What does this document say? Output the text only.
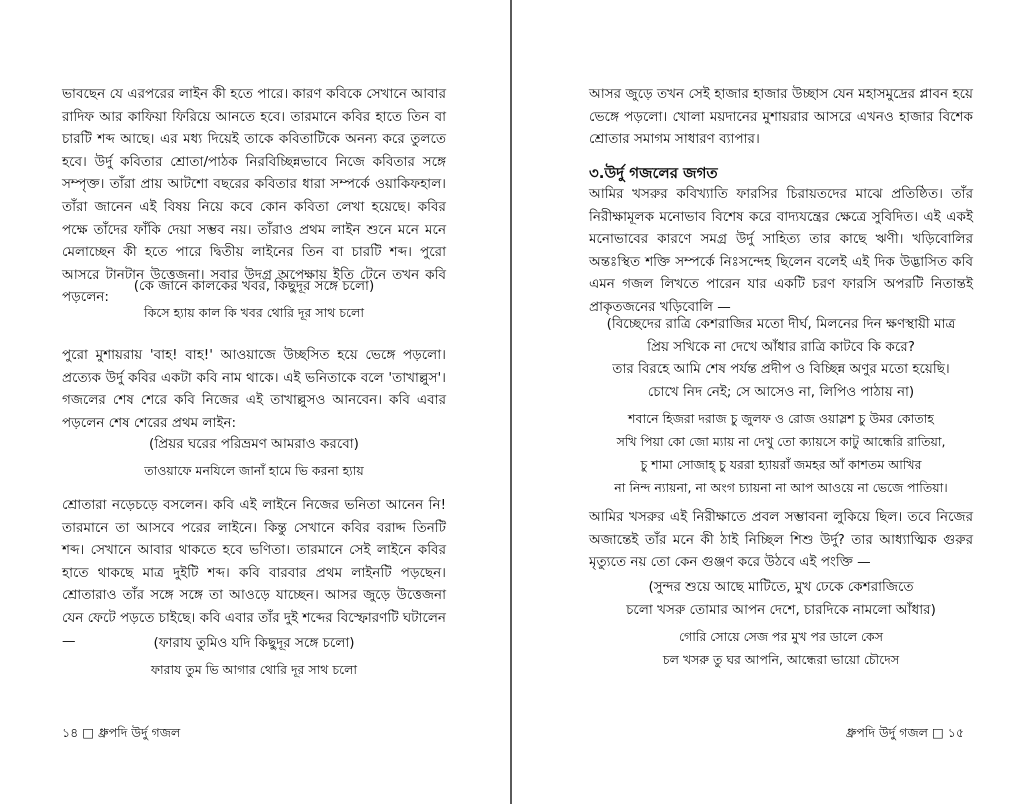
ভাবছেন যে এরপরের লাইন কী হতে পারে। কারণ কবিকে সেখানে আবার রাদিফ আর কাফিয়া ফিরিয়ে আনতে হবে। তারমানে কবির হাতে তিন বা চারটি শব্দ আছে। এর মধ্য দিয়েই তাকে কবিতাটিকে অনন্য করে তুলতে হবে। উর্দু কবিতার শ্রোতা/পাঠক নিরবিচ্ছিন্নভাবে নিজে কবিতার সঙ্গে সম্পৃক্ত। তাঁরা প্রায় আটশো বছরের কবিতার ধারা সম্পর্কে ওয়াকিফহাল। তাঁরা জানেন এই বিষয় নিয়ে কবে কোন কবিতা লেখা হয়েছে। কবির পক্ষে তাঁদের ফাঁকি দেয়া সম্ভব নয়। তাঁরাও প্রথম লাইন শুনে মনে মনে মেলাচ্ছেন কী হতে পারে দ্বিতীয় লাইনের তিন বা চারটি শব্দ। পুরো আসরে টানটান উত্তেজনা। সবার উদগ্র অপেক্ষায় ইতি টেনে তখন কবি পড়লেন:

(কে জানে কালকের খবর, কিছুদূর সঙ্গে চলো)
কিসে হ্যায় কাল কি খবর থোরি দূর সাথ চলো

পুরো মুশায়রায় 'বাহ! বাহ!' আওয়াজে উচ্ছসিত হয়ে ভেঙ্গে পড়লো। প্রত্যেক উর্দু কবির একটা কবি নাম থাকে। এই ভনিতাকে বলে 'তাখাল্লুস'। গজলের শেষ শেরে কবি নিজের এই তাখাল্লুসও আনবেন। কবি এবার পড়লেন শেষ শেরের প্রথম লাইন:

(প্রিয়র ঘরের পরিভ্রমণ আমরাও করবো)
তাওয়াফে মনযিলে জানাঁ হামে ভি করনা হ্যায়

শ্রোতারা নড়েচড়ে বসলেন। কবি এই লাইনে নিজের ভনিতা আনেন নি! তারমানে তা আসবে পরের লাইনে। কিন্তু সেখানে কবির বরাদ্দ তিনটি শব্দ। সেখানে আবার থাকতে হবে ভণিতা। তারমানে সেই লাইনে কবির হাতে থাকছে মাত্র দুইটি শব্দ। কবি বারবার প্রথম লাইনটি পড়ছেন। শ্রোতারাও তাঁর সঙ্গে সঙ্গে তা আওড়ে যাচ্ছেন। আসর জুড়ে উত্তেজনা যেন ফেটে পড়তে চাইছে। কবি এবার তাঁর দুই শব্দের বিস্ফোরণটি ঘটালেন —	(ফারায তুমিও যদি কিছুদূর সঙ্গে চলো)
ফারায তুম ভি আগার থোরি দূর সাথ চলো
১৪ □ ধ্রুপদি উর্দু গজল

আসর জুড়ে তখন সেই হাজার হাজার উচ্ছাস যেন মহাসমুদ্রের প্লাবন হয়ে ভেঙ্গে পড়লো। খোলা ময়দানের মুশায়রার আসরে এখনও হাজার বিশেক শ্রোতার সমাগম সাধারণ ব্যাপার।

৩.উর্দু গজলের জগত

আমির খসরুর কবিখ্যাতি ফারসির চিরায়তদের মাঝে প্রতিষ্ঠিত। তাঁর নিরীক্ষামূলক মনোভাব বিশেষ করে বাদ্যযন্ত্রের ক্ষেত্রে সুবিদিত। এই একই মনোভাবের কারণে সমগ্র উর্দু সাহিত্য তার কাছে ঋণী। খড়িবোলির অন্তঃস্থিত শক্তি সম্পর্কে নিঃসন্দেহ ছিলেন বলেই এই দিক উদ্ভাসিত কবি এমন গজল লিখতে পারেন যার একটি চরণ ফারসি অপরটি নিতান্তই প্রাকৃতজনের খড়িবোলি —

(বিচ্ছেদের রাত্রি কেশরাজির মতো দীর্ঘ, মিলনের দিন ক্ষণস্থায়ী মাত্র
প্রিয় সখিকে না দেখে আঁধার রাত্রি কাটবে কি করে?
তার বিরহে আমি শেষ পর্যন্ত প্রদীপ ও বিচ্ছিন্ন অণুর মতো হয়েছি।
চোখে নিদ নেই; সে আসেও না, লিপিও পাঠায় না)
শবানে হিজরা দরাজ চু জুলফ ও রোজ ওয়াস্লশ চু উমর কোতাহ
সখি পিয়া কো জো ম্যায় না দেখু তো ক্যায়সে কাটু আন্ধেরি রাতিয়া,
চু শামা সোজাহ্ চু যররা হ্যায়রাঁ জমহর আঁ কাশতম আখির
না নিন্দ ন্যায়না, না অংগ চ্যায়না না আপ আওয়ে না ভেজে পাতিয়া।

আমির খসরুর এই নিরীক্ষাতে প্রবল সম্ভাবনা লুকিয়ে ছিল। তবে নিজের অজান্তেই তাঁর মনে কী ঠাই নিচ্ছিল শিশু উর্দু? তার আধ্যাত্মিক গুরুর মৃত্যুতে নয় তো কেন গুঞ্জণ করে উঠবে এই পংক্তি —

(সুন্দর শুয়ে আছে মাটিতে, মুখ ঢেকে কেশরাজিতে
চলো খসরু তোমার আপন দেশে, চারদিকে নামলো আঁধার)
গোরি সোয়ে সেজ পর মুখ পর ডালে কেস
চল খসরু তু ঘর আপনি, আন্ধেরা ভায়ো চৌদেস
ধ্রুপদি উর্দু গজল □ ১৫
